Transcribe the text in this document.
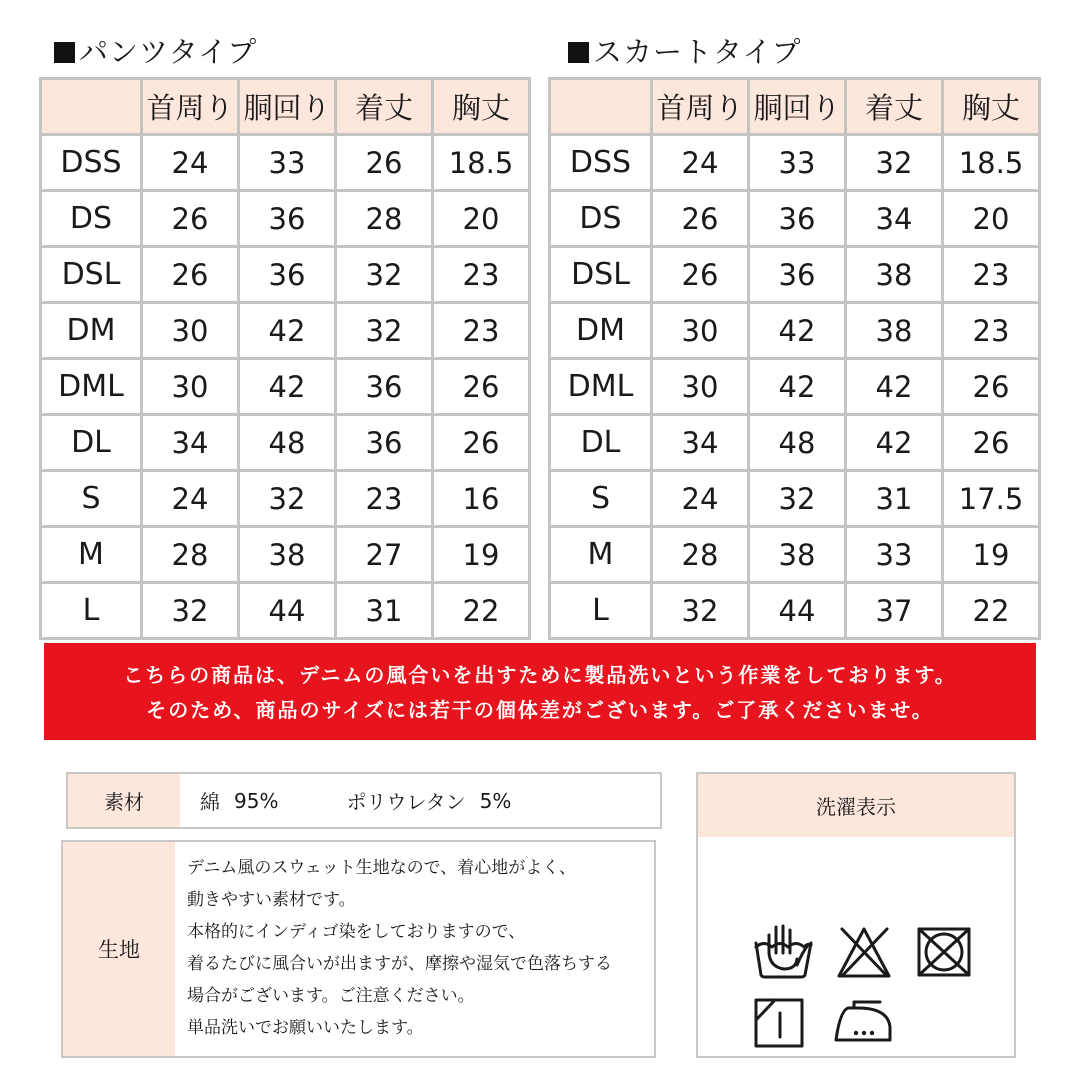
パンツタイプ	スカートタイプ
	首周り	胴回り	着丈	胸丈
DSS	24	33	26	18.5
DS	26	36	28	20
DSL	26	36	32	23
DM	30	42	32	23
DML	30	42	36	26
DL	34	48	36	26
S	24	32	23	16
M	28	38	27	19
L	32	44	31	22
	首周り	胴回り	着丈	胸丈
DSS	24	33	32	18.5
DS	26	36	34	20
DSL	26	36	38	23
DM	30	42	38	23
DML	30	42	42	26
DL	34	48	42	26
S	24	32	31	17.5
M	28	38	33	19
L	32	44	37	22
こちらの商品は、デニムの風合いを出すために製品洗いという作業をしております。
そのため、商品のサイズには若干の個体差がございます。ご了承くださいませ。
素材	綿 95%	ポリウレタン 5%
生地
デニム風のスウェット生地なので、着心地がよく、
動きやすい素材です。
本格的にインディゴ染をしておりますので、
着るたびに風合いが出ますが、摩擦や湿気で色落ちする
場合がございます。ご注意ください。
単品洗いでお願いいたします。
洗濯表示
